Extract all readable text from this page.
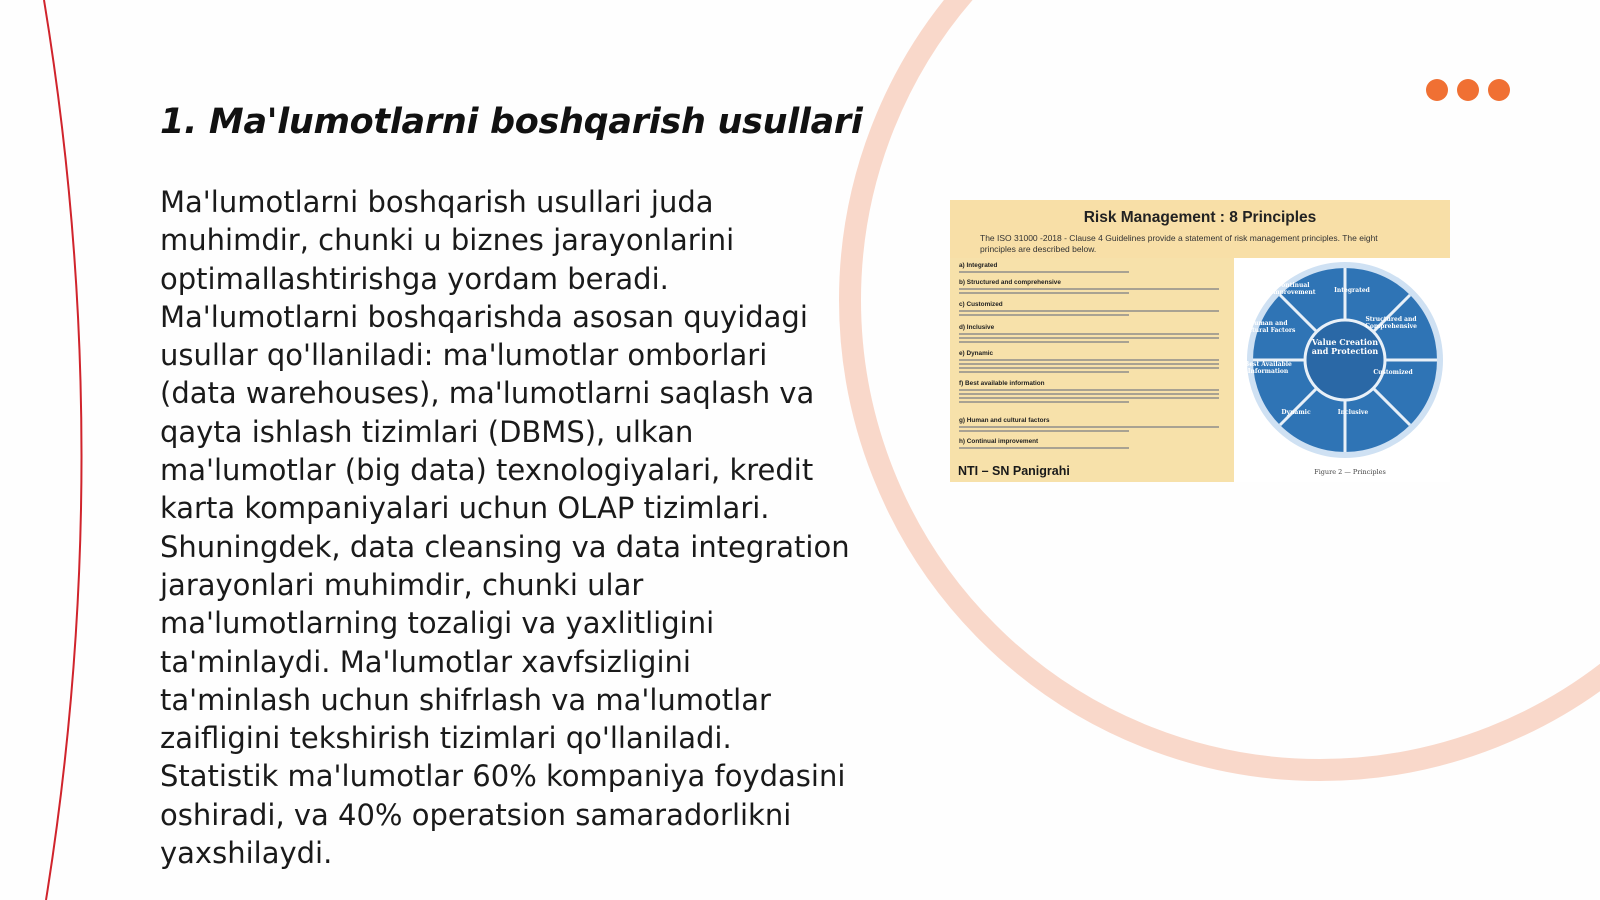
1. Ma'lumotlarni boshqarish usullari

Ma'lumotlarni boshqarish usullari juda muhimdir, chunki u biznes jarayonlarini optimallashtirishga yordam beradi. Ma'lumotlarni boshqarishda asosan quyidagi usullar qo'llaniladi: ma'lumotlar omborlari (data warehouses), ma'lumotlarni saqlash va qayta ishlash tizimlari (DBMS), ulkan ma'lumotlar (big data) texnologiyalari, kredit karta kompaniyalari uchun OLAP tizimlari. Shuningdek, data cleansing va data integration jarayonlari muhimdir, chunki ular ma'lumotlarning tozaligi va yaxlitligini ta'minlaydi. Ma'lumotlar xavfsizligini ta'minlash uchun shifrlash va ma'lumotlar zaifligini tekshirish tizimlari qo'llaniladi. Statistik ma'lumotlar 60% kompaniya foydasini oshiradi, va 40% operatsion samaradorlikni yaxshilaydi.

Risk Management : 8 Principles
The ISO 31000 -2018 - Clause 4 Guidelines provide a statement of risk management principles. The eight principles are described below.
a) Integrated
b) Structured and comprehensive
c) Customized
d) Inclusive
e) Dynamic
f) Best available information
g) Human and cultural factors
h) Continual improvement
NTI – SN Panigrahi
Value Creation and Protection
Continual Improvement	Integrated
Structured and Comprehensive
Customized
Inclusive
Dynamic
Best Available Information
Human and Cultural Factors
Figure 2 — Principles
